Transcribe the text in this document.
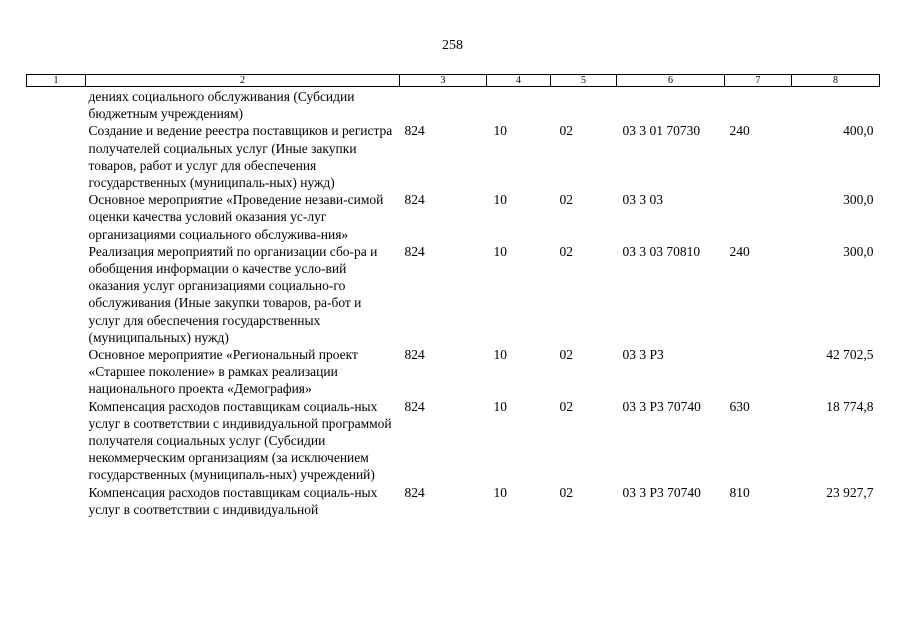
258
1	2	3	4	5	6	7	8
	дениях социального обслуживания (Субсидии бюджетным учреждениям)						
	Создание и ведение реестра поставщиков и регистра получателей социальных услуг (Иные закупки товаров, работ и услуг для обеспечения государственных (муниципаль-ных) нужд)	824	10	02	03 3 01 70730	240	400,0
	Основное мероприятие «Проведение незави-симой оценки качества условий оказания ус-луг организациями социального обслужива-ния»	824	10	02	03 3 03		300,0
	Реализация мероприятий по организации сбо-ра и обобщения информации о качестве усло-вий оказания услуг организациями социально-го обслуживания (Иные закупки товаров, ра-бот и услуг для обеспечения государственных (муниципальных) нужд)	824	10	02	03 3 03 70810	240	300,0
	Основное мероприятие «Региональный проект «Старшее поколение» в рамках реализации национального проекта «Демография»	824	10	02	03 3 P3		42 702,5
	Компенсация расходов поставщикам социаль-ных услуг в соответствии с индивидуальной программой получателя социальных услуг (Субсидии некоммерческим организациям (за исключением государственных (муниципаль-ных) учреждений)	824	10	02	03 3 P3 70740	630	18 774,8
	Компенсация расходов поставщикам социаль-ных услуг в соответствии с индивидуальной	824	10	02	03 3 P3 70740	810	23 927,7
